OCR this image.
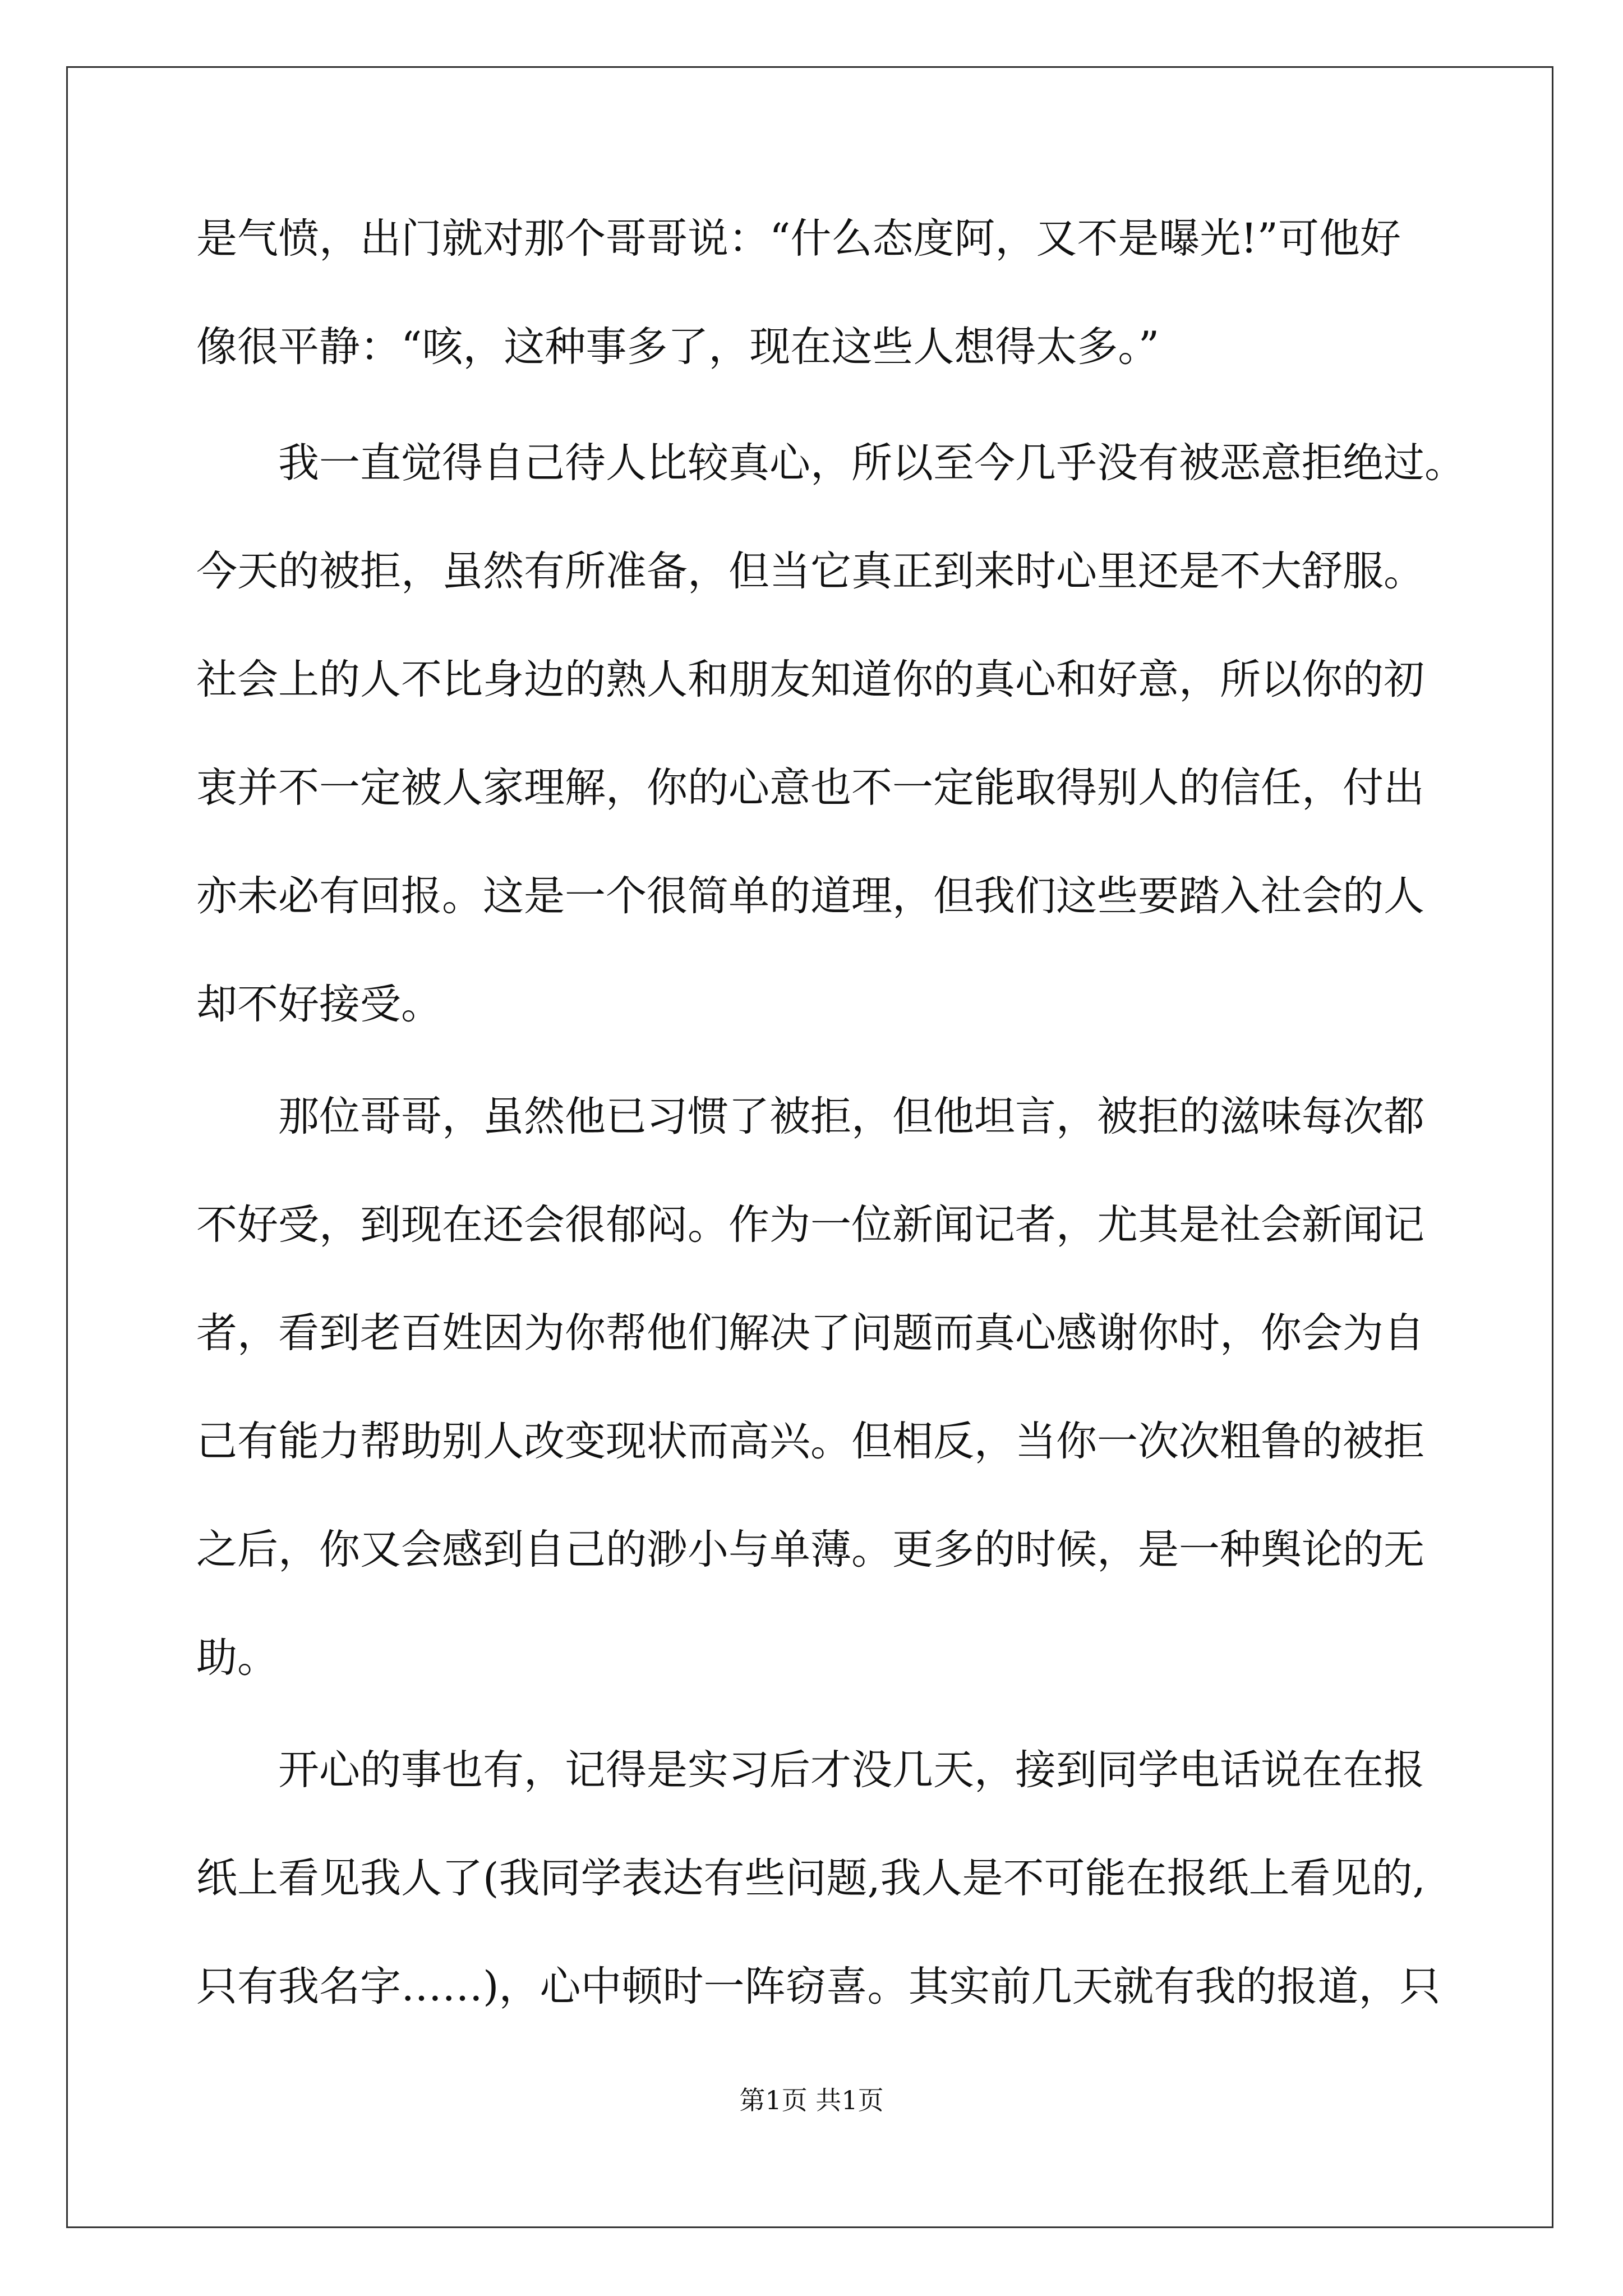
是气愤，出门就对那个哥哥说：“什么态度阿，又不是曝光!”可他好
像很平静：“咳，这种事多了，现在这些人想得太多。”
我一直觉得自己待人比较真心，所以至今几乎没有被恶意拒绝过。
今天的被拒，虽然有所准备，但当它真正到来时心里还是不大舒服。
社会上的人不比身边的熟人和朋友知道你的真心和好意，所以你的初
衷并不一定被人家理解，你的心意也不一定能取得别人的信任，付出
亦未必有回报。这是一个很简单的道理，但我们这些要踏入社会的人
却不好接受。
那位哥哥，虽然他已习惯了被拒，但他坦言，被拒的滋味每次都
不好受，到现在还会很郁闷。作为一位新闻记者，尤其是社会新闻记
者，看到老百姓因为你帮他们解决了问题而真心感谢你时，你会为自
己有能力帮助别人改变现状而高兴。但相反，当你一次次粗鲁的被拒
之后，你又会感到自己的渺小与单薄。更多的时候，是一种舆论的无
助。
开心的事也有，记得是实习后才没几天，接到同学电话说在在报
纸上看见我人了(我同学表达有些问题,我人是不可能在报纸上看见的,
只有我名字……)，心中顿时一阵窃喜。其实前几天就有我的报道，只
第1页 共1页
